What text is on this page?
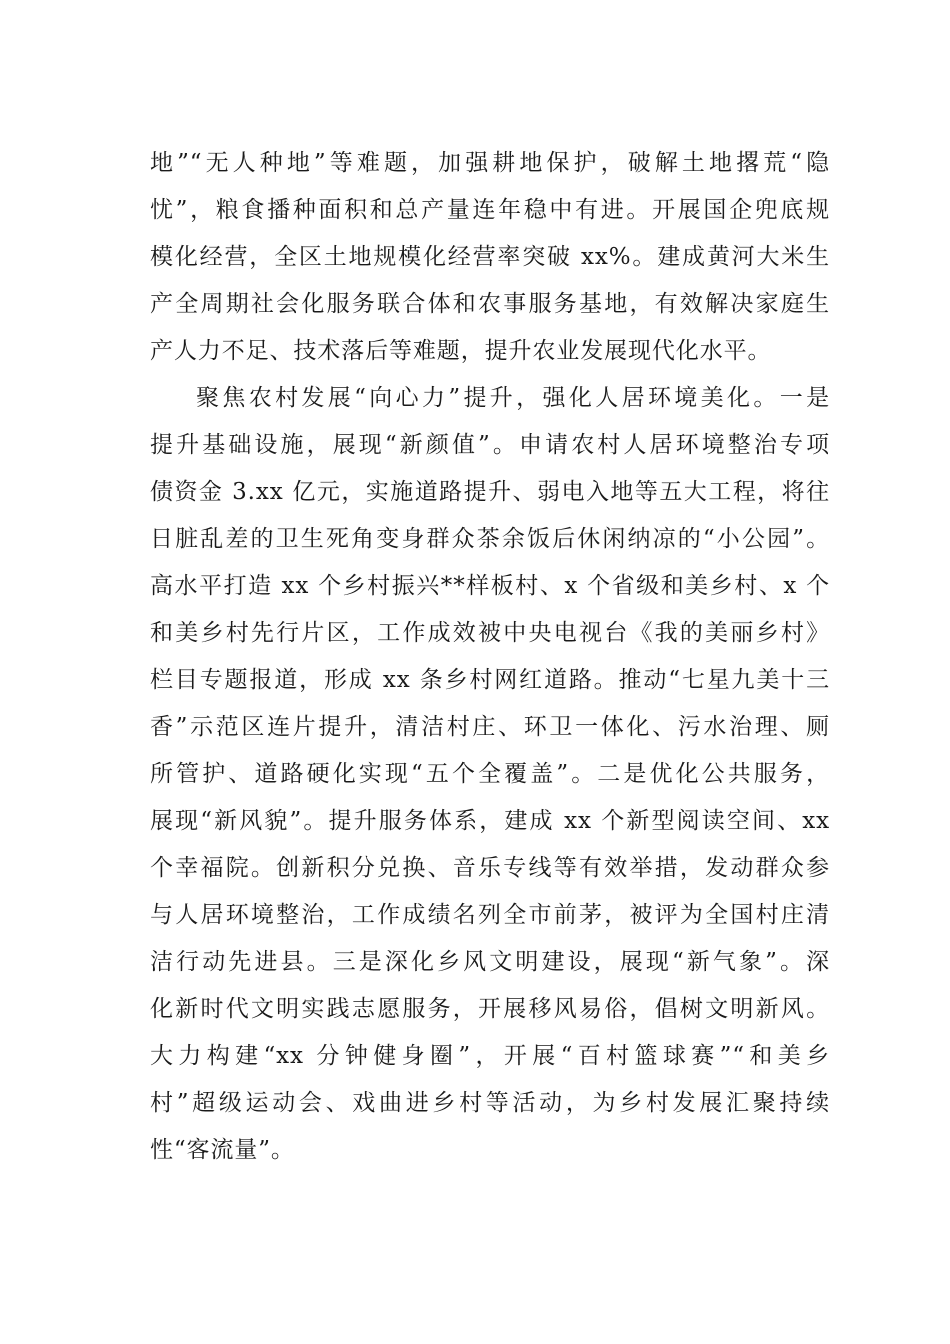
地”“无人种地”等难题，加强耕地保护，破解土地撂荒“隐
忧”，粮食播种面积和总产量连年稳中有进。开展国企兜底规
模化经营，全区土地规模化经营率突破 xx%。建成黄河大米生
产全周期社会化服务联合体和农事服务基地，有效解决家庭生
产人力不足、技术落后等难题，提升农业发展现代化水平。
聚焦农村发展“向心力”提升，强化人居环境美化。一是
提升基础设施，展现“新颜值”。申请农村人居环境整治专项
债资金 3.xx 亿元，实施道路提升、弱电入地等五大工程，将往
日脏乱差的卫生死角变身群众茶余饭后休闲纳凉的“小公园”。
高水平打造 xx 个乡村振兴**样板村、x 个省级和美乡村、x 个
和美乡村先行片区，工作成效被中央电视台《我的美丽乡村》
栏目专题报道，形成 xx 条乡村网红道路。推动“七星九美十三
香”示范区连片提升，清洁村庄、环卫一体化、污水治理、厕
所管护、道路硬化实现“五个全覆盖”。二是优化公共服务，
展现“新风貌”。提升服务体系，建成 xx 个新型阅读空间、xx
个幸福院。创新积分兑换、音乐专线等有效举措，发动群众参
与人居环境整治，工作成绩名列全市前茅，被评为全国村庄清
洁行动先进县。三是深化乡风文明建设，展现“新气象”。深
化新时代文明实践志愿服务，开展移风易俗，倡树文明新风。
大力构建“xx 分钟健身圈”，开展“百村篮球赛”“和美乡
村”超级运动会、戏曲进乡村等活动，为乡村发展汇聚持续
性“客流量”。
